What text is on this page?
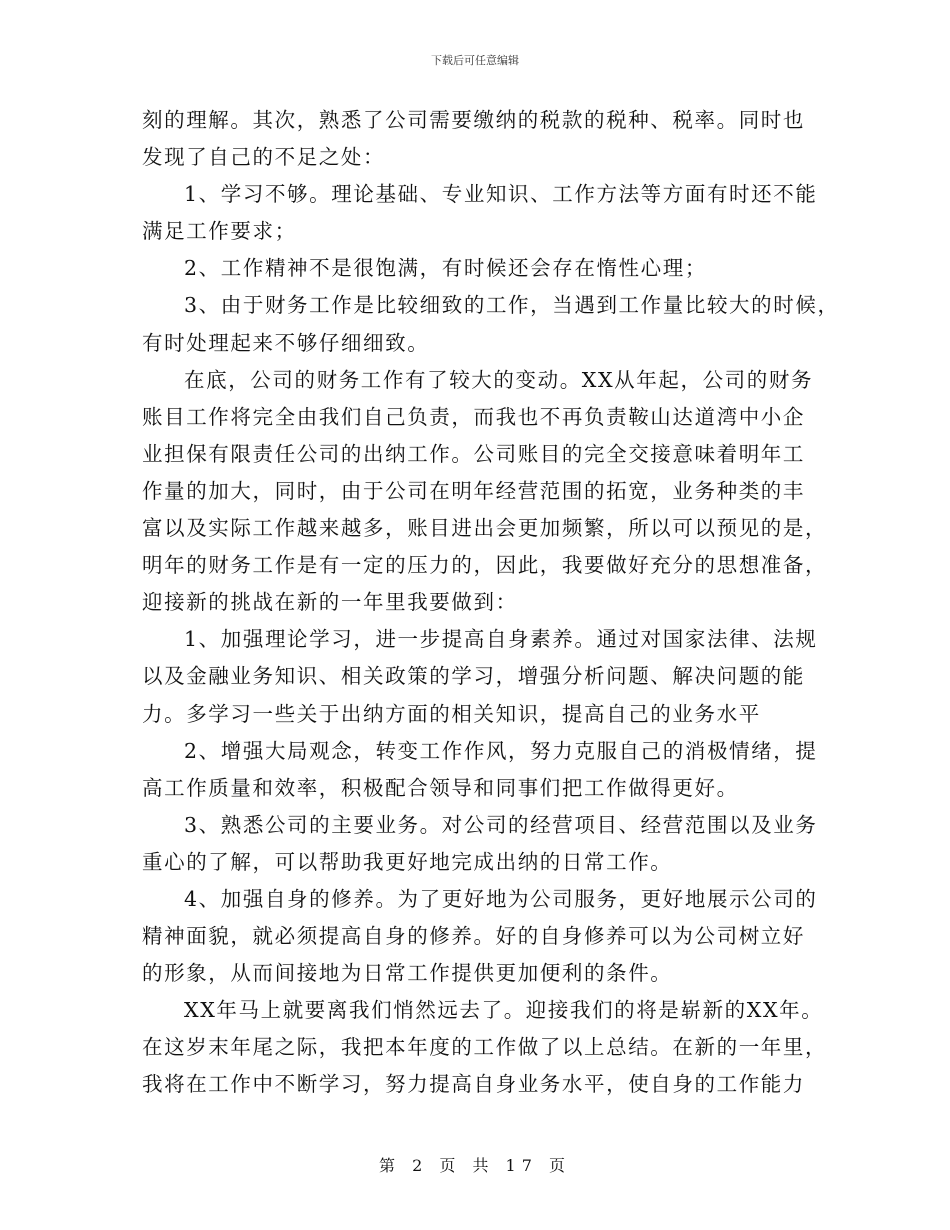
下载后可任意编辑
刻的理解。其次，熟悉了公司需要缴纳的税款的税种、税率。同时也
发现了自己的不足之处：
1、学习不够。理论基础、专业知识、工作方法等方面有时还不能
满足工作要求；
2、工作精神不是很饱满，有时候还会存在惰性心理；
3、由于财务工作是比较细致的工作，当遇到工作量比较大的时候，
有时处理起来不够仔细细致。
在底，公司的财务工作有了较大的变动。XX从年起，公司的财务
账目工作将完全由我们自己负责，而我也不再负责鞍山达道湾中小企
业担保有限责任公司的出纳工作。公司账目的完全交接意味着明年工
作量的加大，同时，由于公司在明年经营范围的拓宽，业务种类的丰
富以及实际工作越来越多，账目进出会更加频繁，所以可以预见的是，
明年的财务工作是有一定的压力的，因此，我要做好充分的思想准备，
迎接新的挑战在新的一年里我要做到：
1、加强理论学习，进一步提高自身素养。通过对国家法律、法规
以及金融业务知识、相关政策的学习，增强分析问题、解决问题的能
力。多学习一些关于出纳方面的相关知识，提高自己的业务水平
2、增强大局观念，转变工作作风，努力克服自己的消极情绪，提
高工作质量和效率，积极配合领导和同事们把工作做得更好。
3、熟悉公司的主要业务。对公司的经营项目、经营范围以及业务
重心的了解，可以帮助我更好地完成出纳的日常工作。
4、加强自身的修养。为了更好地为公司服务，更好地展示公司的
精神面貌，就必须提高自身的修养。好的自身修养可以为公司树立好
的形象，从而间接地为日常工作提供更加便利的条件。
XX年马上就要离我们悄然远去了。迎接我们的将是崭新的XX年。
在这岁末年尾之际，我把本年度的工作做了以上总结。在新的一年里，
我将在工作中不断学习，努力提高自身业务水平，使自身的工作能力
第 2 页 共 17 页
